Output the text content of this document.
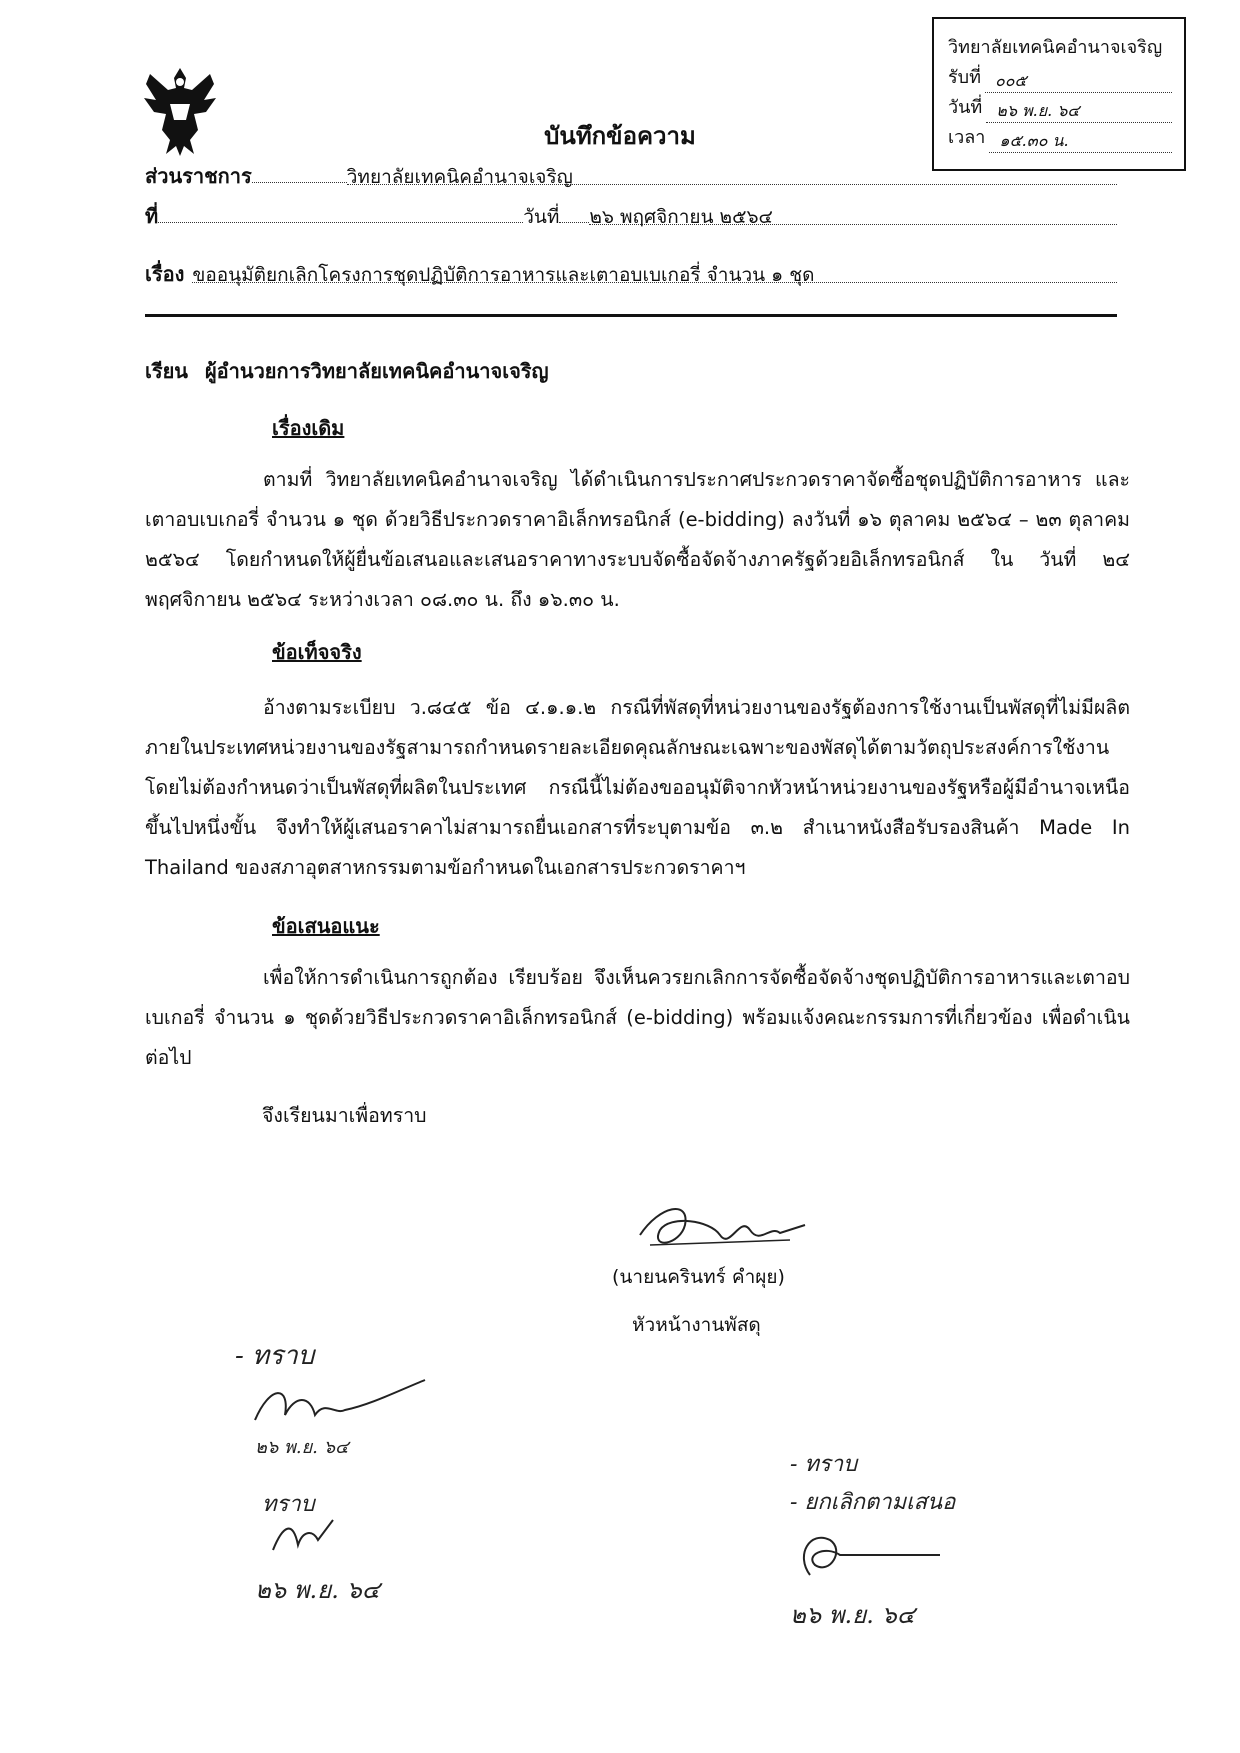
วิทยาลัยเทคนิคอำนาจเจริญ
รับที่ ๐๐๕
วันที่ ๒๖ พ.ย. ๖๔
เวลา ๑๕.๓๐ น.
บันทึกข้อความ
ส่วนราชการ	วิทยาลัยเทคนิคอำนาจเจริญ
ที่	วันที่ ๒๖ พฤศจิกายน ๒๕๖๔
เรื่อง ขออนุมัติยกเลิกโครงการชุดปฏิบัติการอาหารและเตาอบเบเกอรี่ จำนวน ๑ ชุด
เรียน ผู้อำนวยการวิทยาลัยเทคนิคอำนาจเจริญ
เรื่องเดิม
ตามที่ วิทยาลัยเทคนิคอำนาจเจริญ ได้ดำเนินการประกาศประกวดราคาจัดซื้อชุดปฏิบัติการอาหาร และ เตาอบเบเกอรี่ จำนวน ๑ ชุด ด้วยวิธีประกวดราคาอิเล็กทรอนิกส์ (e-bidding) ลงวันที่ ๑๖ ตุลาคม ๒๕๖๔ – ๒๓ ตุลาคม ๒๕๖๔ โดยกำหนดให้ผู้ยื่นข้อเสนอและเสนอราคาทางระบบจัดซื้อจัดจ้างภาครัฐด้วยอิเล็กทรอนิกส์ ใน วันที่ ๒๔ พฤศจิกายน ๒๕๖๔ ระหว่างเวลา ๐๘.๓๐ น. ถึง ๑๖.๓๐ น.
ข้อเท็จจริง
อ้างตามระเบียบ ว.๘๔๕ ข้อ ๔.๑.๑.๒ กรณีที่พัสดุที่หน่วยงานของรัฐต้องการใช้งานเป็นพัสดุที่ไม่มีผลิตภายในประเทศหน่วยงานของรัฐสามารถกำหนดรายละเอียดคุณลักษณะเฉพาะของพัสดุได้ตามวัตถุประสงค์การใช้งานโดยไม่ต้องกำหนดว่าเป็นพัสดุที่ผลิตในประเทศ กรณีนี้ไม่ต้องขออนุมัติจากหัวหน้าหน่วยงานของรัฐหรือผู้มีอำนาจเหนือขึ้นไปหนึ่งขั้น จึงทำให้ผู้เสนอราคาไม่สามารถยื่นเอกสารที่ระบุตามข้อ ๓.๒ สำเนาหนังสือรับรองสินค้า Made In Thailand ของสภาอุตสาหกรรมตามข้อกำหนดในเอกสารประกวดราคาฯ
ข้อเสนอแนะ
เพื่อให้การดำเนินการถูกต้อง เรียบร้อย จึงเห็นควรยกเลิกการจัดซื้อจัดจ้างชุดปฏิบัติการอาหารและเตาอบเบเกอรี่ จำนวน ๑ ชุดด้วยวิธีประกวดราคาอิเล็กทรอนิกส์ (e-bidding) พร้อมแจ้งคณะกรรมการที่เกี่ยวข้อง เพื่อดำเนินต่อไป
จึงเรียนมาเพื่อทราบ
(นายนครินทร์ คำผุย)
หัวหน้างานพัสดุ
- ทราบ
๒๖ พ.ย. ๖๔
ทราบ
๒๖ พ.ย. ๖๔
- ทราบ
- ยกเลิกตามเสนอ
๒๖ พ.ย. ๖๔
